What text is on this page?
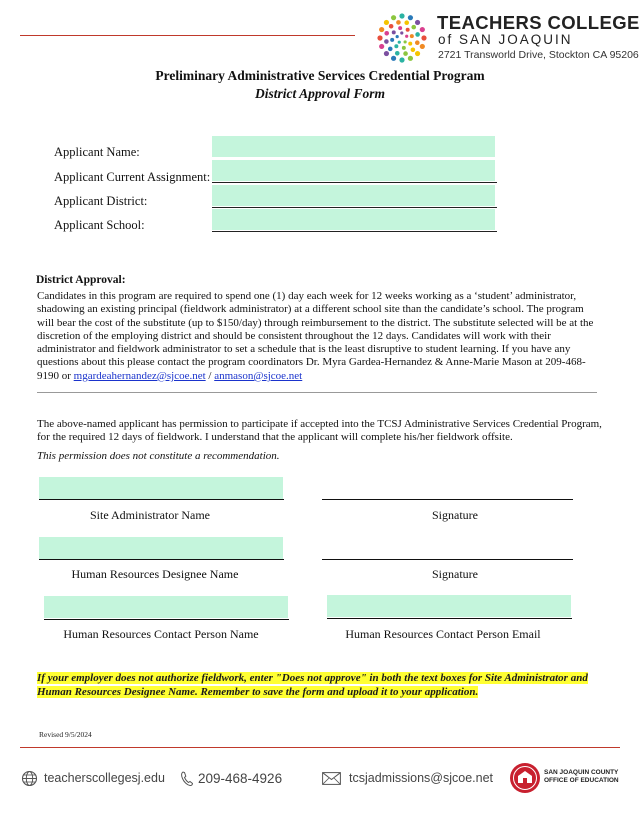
TEACHERS COLLEGE
of SAN JOAQUIN
2721 Transworld Drive, Stockton CA 95206
Preliminary Administrative Services Credential Program
District Approval Form
Applicant Name:
Applicant Current Assignment:
Applicant District:
Applicant School:
District Approval:
Candidates in this program are required to spend one (1) day each week for 12 weeks working as a ‘student’ administrator, shadowing an existing principal (fieldwork administrator) at a different school site than the candidate’s school. The program will bear the cost of the substitute (up to $150/day) through reimbursement to the district. The substitute selected will be at the discretion of the employing district and should be consistent throughout the 12 days. Candidates will work with their administrator and fieldwork administrator to set a schedule that is the least disruptive to student learning. If you have any questions about this please contact the program coordinators Dr. Myra Gardea-Hernandez & Anne-Marie Mason at 209-468-9190 or mgardeahernandez@sjcoe.net / anmason@sjcoe.net
The above-named applicant has permission to participate if accepted into the TCSJ Administrative Services Credential Program, for the required 12 days of fieldwork. I understand that the applicant will complete his/her fieldwork offsite.
This permission does not constitute a recommendation.
Site Administrator Name	Signature
Human Resources Designee Name	Signature
Human Resources Contact Person Name	Human Resources Contact Person Email
If your employer does not authorize fieldwork, enter "Does not approve" in both the text boxes for Site Administrator and Human Resources Designee Name. Remember to save the form and upload it to your application.
Revised 9/5/2024
teacherscollegesj.edu 209-468-4926	tcsjadmissions@sjcoe.net	SAN JOAQUIN COUNTY
OFFICE OF EDUCATION
